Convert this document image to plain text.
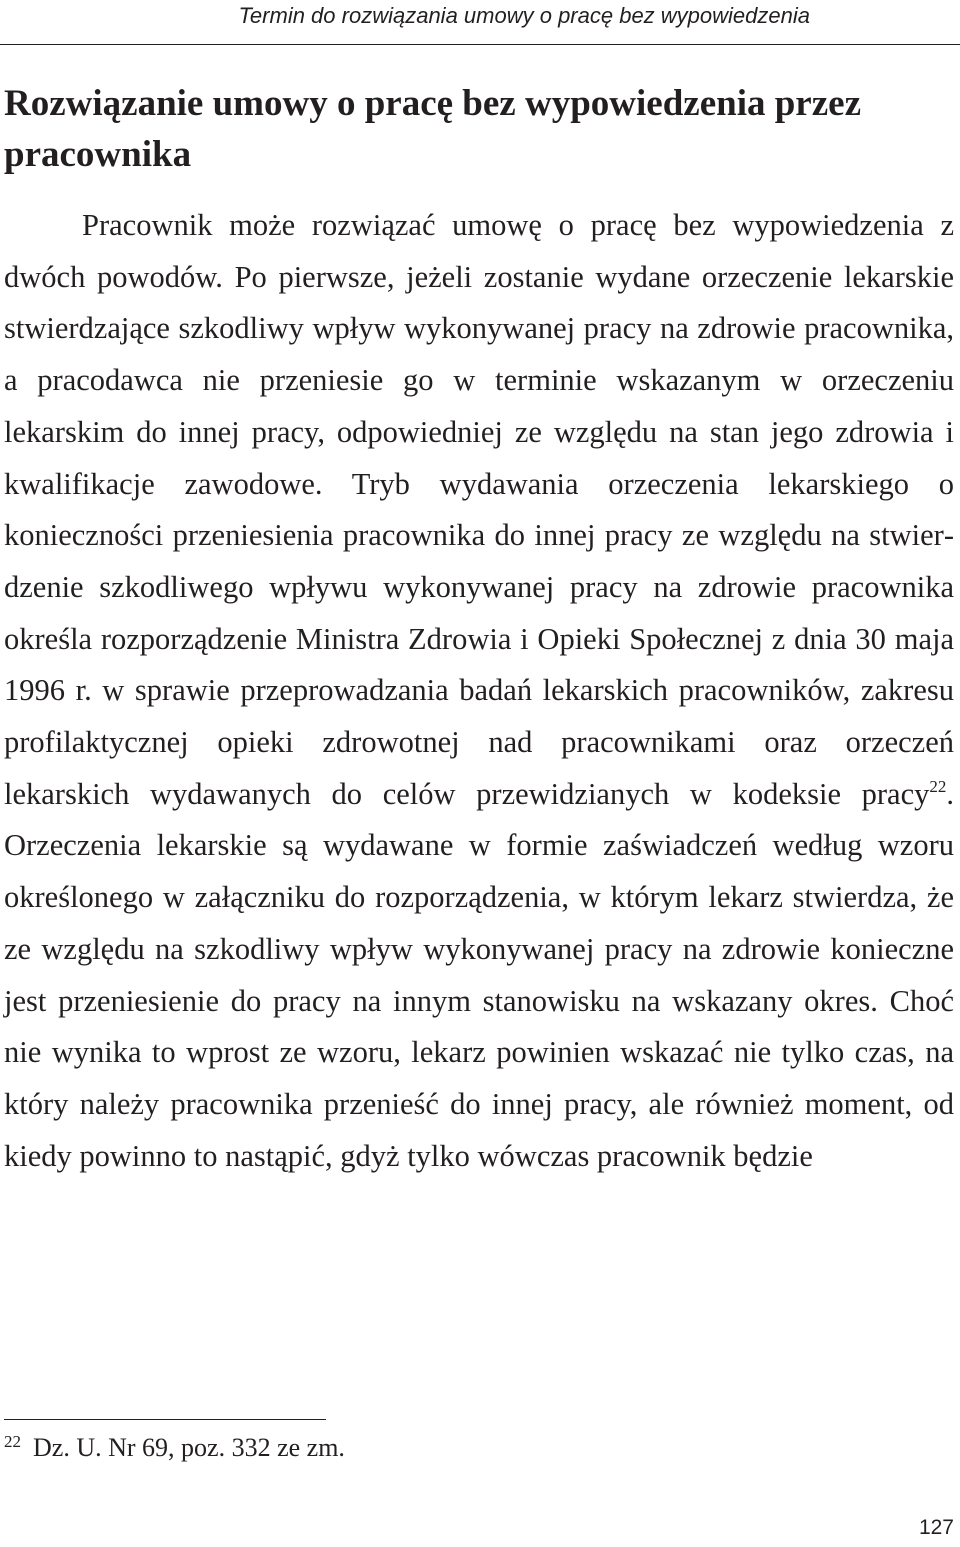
Termin do rozwiązania umowy o pracę bez wypowiedzenia
Rozwiązanie umowy o pracę bez wypowiedzenia przez pracownika

Pracownik może rozwiązać umowę o pracę bez wypowiedzenia z dwóch powodów. Po pierwsze, jeżeli zostanie wydane orzeczenie lekarskie stwierdzające szkodliwy wpływ wykonywanej pracy na zdrowie pracownika, a pracodawca nie przeniesie go w terminie wskazanym w orzeczeniu lekarskim do innej pracy, odpowiedniej ze względu na stan jego zdrowia i kwalifikacje zawodowe. Tryb wydawania orzeczenia lekarskiego o konieczności przeniesienia pracownika do innej pracy ze względu na stwierdzenie szkodliwego wpływu wykonywanej pracy na zdrowie pracownika określa rozporządzenie Ministra Zdrowia i Opieki Społecznej z dnia 30 maja 1996 r. w sprawie przeprowadzania badań lekarskich pracowników, zakresu profilaktycznej opieki zdrowotnej nad pracownikami oraz orzeczeń lekarskich wydawanych do celów przewidzianych w kodeksie pracy$^{22}$. Orzeczenia lekarskie są wydawane w formie zaświadczeń według wzoru określonego w załączniku do rozporządzenia, w którym lekarz stwierdza, że ze względu na szkodliwy wpływ wykonywanej pracy na zdrowie konieczne jest przeniesienie do pracy na innym stanowisku na wskazany okres. Choć nie wynika to wprost ze wzoru, lekarz powinien wskazać nie tylko czas, na który należy pracownika przenieść do innej pracy, ale również moment, od kiedy powinno to nastąpić, gdyż tylko wówczas pracownik będzie

$^{22}$ Dz. U. Nr 69, poz. 332 ze zm.
127
